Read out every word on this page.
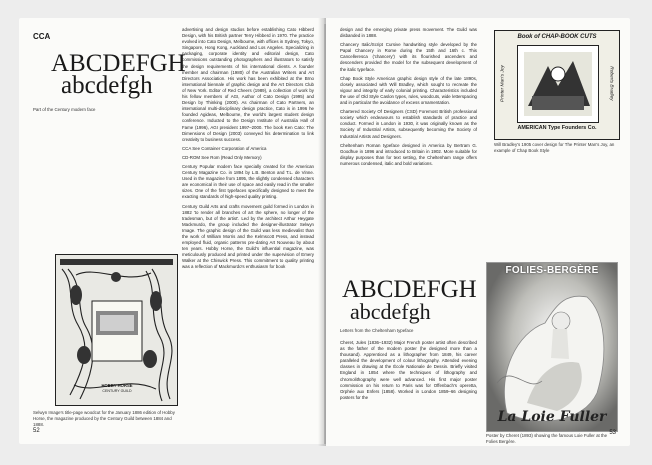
CCA
ABCDEFGH
abcdefgh
Part of the Century modern face

advertising and design studios before establishing Cato Hibberd Design, with his British partner Terry Hibberd in 1970. The practice evolved into Cato Design, Melbourne, with offices in Sydney, Tokyo, Singapore, Hong Kong, Auckland and Los Angeles. Specializing in packaging, corporate identity and editorial design, Cato commissions outstanding photographers and illustrators to satisfy the design requirements of his international clients. A founder member and chairman (1980) of the Australian Writers and Art Directors Association. His work has been exhibited at the Brno international biennale of graphic design and the Art Directors Club of New York. Editor of Red Cheers (1989), a collection of work by his fellow members of AGI, Author of Cato Design (1995) and Design by Thinking (2000). As chairman of Cato Partners, an international multi-disciplinary design practice, Cato is in 1996 he founded Agideas, Melbourne, the world's largest student design conference. Inducted to the Design Institute of Australia Hall of Fame (1996), AGI president 1997–2000. The book Ken Cato: The Dimensions of Design (2003) conveyed his determination to link creativity to business success.

CCA See Container Corporation of America

CD-ROM See Rom (Read Only Memory)

Century Popular modern face specially created for the American Century Magazine Co. in 1894 by L.B. Benton and T.L. de Vinne. Used in the magazine from 1895, the slightly condensed characters are economical in their use of space and easily read in the smaller sizes. One of the first typefaces specifically designed to meet the exacting standards of high-speed quality printing.

Century Guild Arts and crafts movement guild formed in London in 1882 'to render all branches of art the sphere, no longer of the tradesman, but of the artist'. Led by the architect Arthur Heygate Mackmurdo, the group included the designer-illustrator Selwyn Image. The graphic design of the Guild was less medievalist than the work of William Morris and the Kelmscott Press, and instead employed fluid, organic patterns pre-dating Art Nouveau by about ten years. Hobby Horse, the Guild's influential magazine, was meticulously produced and printed under the supervision of Emery Walker at the Chiswick Press. This commitment to quality printing was a reflection of Mackmurdo's enthusiasm for book

HOBBY HORSE
CENTURY GUILD
Selwyn Image's title-page woodcut for the January 1886 edition of Hobby Horse, the magazine produced by the Century Guild between 1884 and 1888.
52

design and the emerging private press movement. The Guild was disbanded in 1888.

Chancery Italic/Script Cursive handwriting style developed by the Papal Chancery in Rome during the 15th and 16th c. This Cancelleresca ('chancery') with its flourished ascenders and descenders provided the model for the subsequent development of the italic typeface.

Chap Book Style American graphic design style of the late 1890s, closely associated with Will Bradley, which sought to recreate the vigour and integrity of early colonial printing. Characteristics included the use of Old Style Caslon types, rules, woodcuts, wide letterspacing and in particular the avoidance of excess ornamentation.

Chartered Society Of Designers (CSD) Foremost British professional society which endeavours to establish standards of practice and conduct. Formed in London in 1930, it was originally known as the Society of Industrial Artists, subsequently becoming the Society of Industrial Artists and Designers.

Cheltenham Roman typeface designed in America by Bertram G. Goodhue in 1896 and introduced to Britain in 1902. More suitable for display purposes than for text setting, the Cheltenham range offers numerous condensed, italic and bold variations.

ABCDEFGH
abcdefgh
Letters from the Cheltenham typeface
Cheret, Jules (1836–1932) Major French poster artist often described as the father of the modern poster (he designed more than a thousand). Apprenticed as a lithographer from 1849, his career paralleled the development of colour lithography. Attended evening classes in drawing at the École Nationale de Dessin. Briefly visited England in 1854 where the techniques of lithography and chromolithography were well advanced. His first major poster commission on his return to Paris was for Offenbach's operetta, Orphée aux Enfers (1858). Worked in London 1859–66 designing posters for the
Book of CHAP-BOOK CUTS
Printer Man's Joy	Roberts Bradley
AMERICAN Type Founders Co.
Will Bradley's 1905 cover design for The Printer Man's Joy, an example of Chap Book Style
FOLIES-BERGÈRE
La Loie Fuller
Poster by Cheret (1893) showing the famous Loie Fuller at the Folies Bergère.
53
